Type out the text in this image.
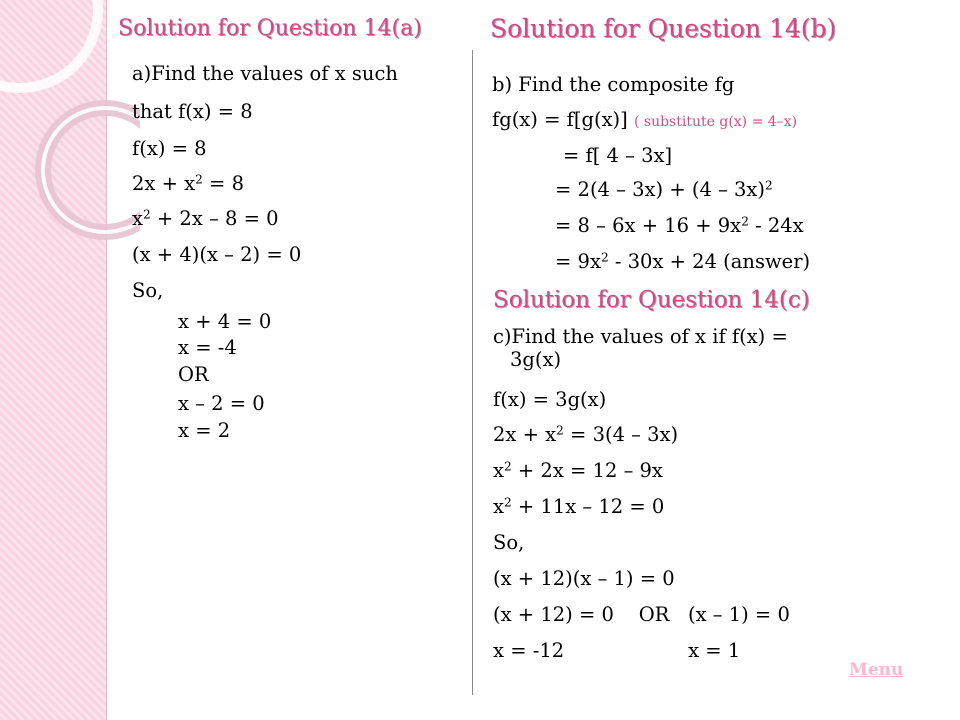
Solution for Question 14(a)	Solution for Question 14(b)
Solution for Question 14(c)
a)Find the values of x such
that f(x) = 8
f(x) = 8
$2x + x^2 = 8$
$x^2 + 2x - 8 = 0$
(x + 4)(x – 2) = 0
So,
x + 4 = 0
x = -4
OR
x – 2 = 0
x = 2
b) Find the composite fg
fg(x) = f[g(x)] ( substitute g(x) = 4–x)
= f[ 4 – 3x]
= 2(4 – 3x) + (4 – 3x)$^2$
= $8 - 6x + 16 + 9x^2 - 24x$
= $9x^2 - 30x + 24$ (answer)
c)Find the values of x if f(x) =
3g(x)
f(x) = 3g(x)
$2x + x^2 = 3(4 - 3x)$
$x^2 + 2x = 12 - 9x$
$x^2 + 11x - 12 = 0$
So,
(x + 12)(x – 1) = 0
(x + 12) = 0    OR   (x – 1) = 0
x = -12                    x = 1
Menu
